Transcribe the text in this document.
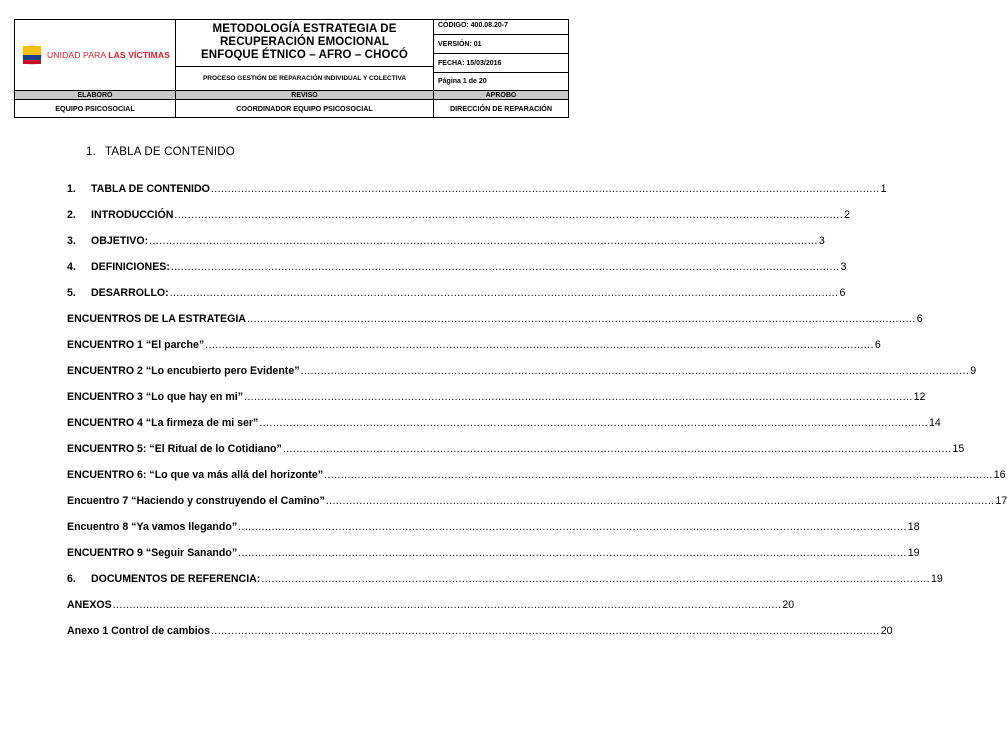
UNIDAD PARA LAS VÍCTIMAS
METODOLOGÍA ESTRATEGIA DE
RECUPERACIÓN EMOCIONAL
ENFOQUE ÉTNICO – AFRO – CHOCÓ
PROCESO GESTIÓN DE REPARACIÓN INDIVIDUAL Y COLECTIVA
CÓDIGO: 400.08.20-7
VERSIÓN: 01
FECHA: 15/03/2016
Página 1 de 20
ELABORÓ	REVISÓ	APROBÓ
EQUIPO PSICOSOCIAL	COORDINADOR EQUIPO PSICOSOCIAL	DIRECCIÓN DE REPARACIÓN
1. TABLA DE CONTENIDO
1.	TABLA DE CONTENIDO ........................................................................................................................................................................................................ 1
2.	INTRODUCCIÓN ........................................................................................................................................................................................................ 2
3.	OBJETIVO: ........................................................................................................................................................................................................ 3
4.	DEFINICIONES: ........................................................................................................................................................................................................ 3
5.	DESARROLLO: ........................................................................................................................................................................................................ 6
ENCUENTROS DE LA ESTRATEGIA ........................................................................................................................................................................................................ 6
ENCUENTRO 1 “El parche” ........................................................................................................................................................................................................ 6
ENCUENTRO 2 “Lo encubierto pero Evidente” ........................................................................................................................................................................................................ 9
ENCUENTRO 3 “Lo que hay en mi” ........................................................................................................................................................................................................ 12
ENCUENTRO 4 “La firmeza de mi ser” ........................................................................................................................................................................................................ 14
ENCUENTRO 5: “El Ritual de lo Cotidiano” ........................................................................................................................................................................................................ 15
ENCUENTRO 6: “Lo que va más allá del horizonte” ........................................................................................................................................................................................................ 16
Encuentro 7 “Haciendo y construyendo el Camino” ........................................................................................................................................................................................................ 17
Encuentro 8 “Ya vamos llegando” ........................................................................................................................................................................................................ 18
ENCUENTRO 9 “Seguir Sanando” ........................................................................................................................................................................................................ 19
6.	DOCUMENTOS DE REFERENCIA: ........................................................................................................................................................................................................ 19
ANEXOS ........................................................................................................................................................................................................ 20
Anexo 1 Control de cambios ........................................................................................................................................................................................................ 20
